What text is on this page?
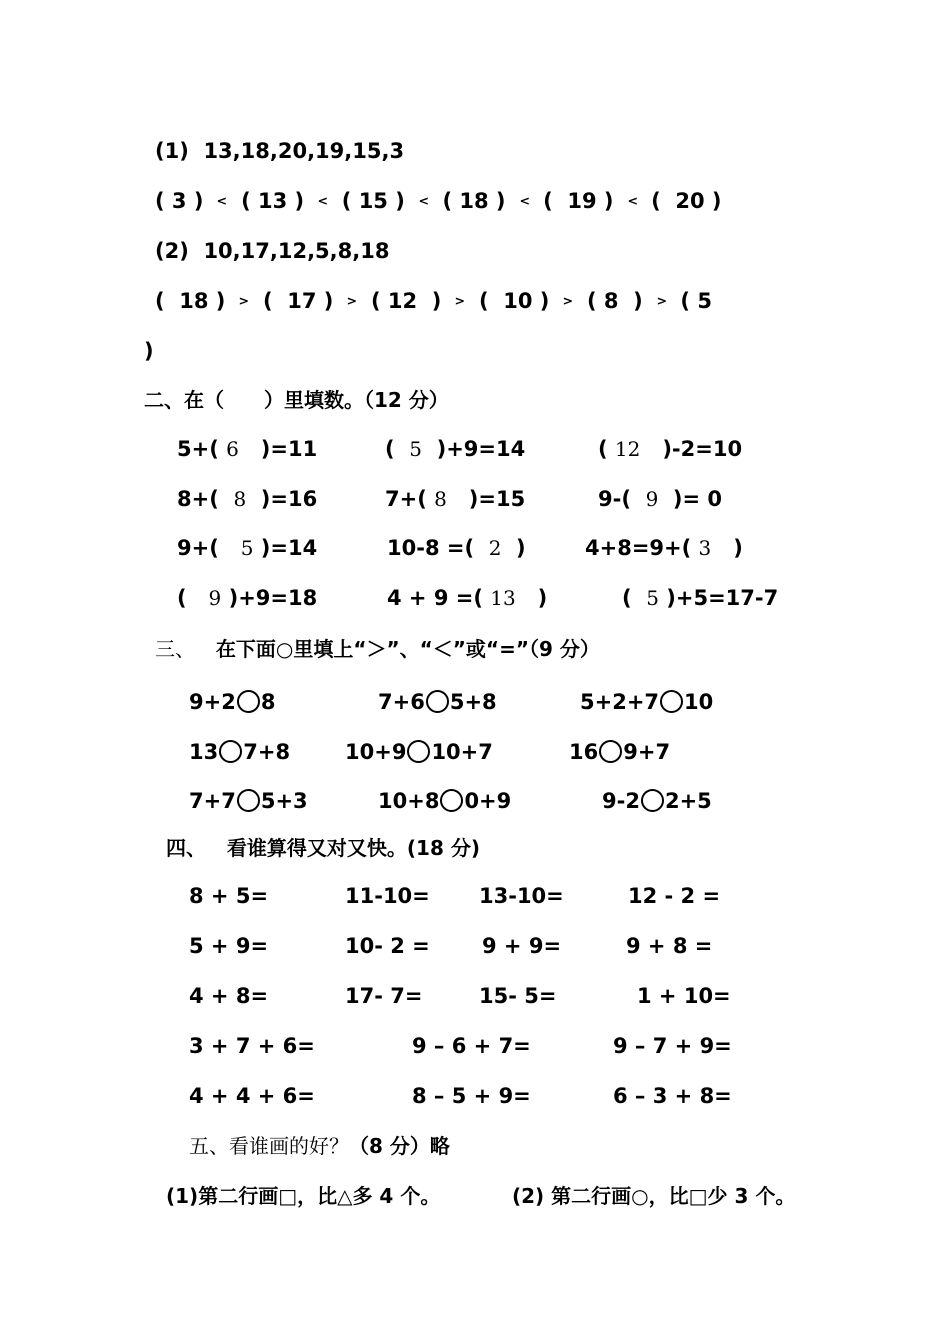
(1) 13,18,20,19,15,3
( 3 ) < ( 13 ) < ( 15 ) < ( 18 ) < ( 19 ) < ( 20 )
(2) 10,17,12,5,8,18
( 18 ) > ( 17 ) > ( 12 ) > ( 10 ) > ( 8 ) > ( 5
)
二、在（　　）里填数。（12 分）
5+( 6 )=11	( 5 )+9=14	( 12 )-2=10
8+( 8 )=16	7+( 8 )=15	9-( 9 )= 0
9+( 5 )=14	10-8 =( 2 )	4+8=9+( 3 )
( 9 )+9=18	4 + 9 =( 13 )	( 5 )+5=17-7
三、 在下面○里填上“＞”、“＜”或“=”（9 分）
9+2 8	7+6 5+8	5+2+7 10
13 7+8	10+9 10+7	16 9+7
7+7 5+3	10+8 0+9	9-2 2+5
四、 看谁算得又对又快。(18 分)
8 + 5=	11-10= 13-10=	12 - 2 =
5 + 9=	10- 2 = 9 + 9=	9 + 8 =
4 + 8=	17- 7=	15- 5=	1 + 10=
3 + 7 + 6=	9 – 6 + 7=	9 – 7 + 9=
4 + 4 + 6=	8 – 5 + 9=	6 – 3 + 8=
五、看谁画的好？（8 分）略
(1)第二行画□，比△多 4 个。	(2) 第二行画○，比□少 3 个。
